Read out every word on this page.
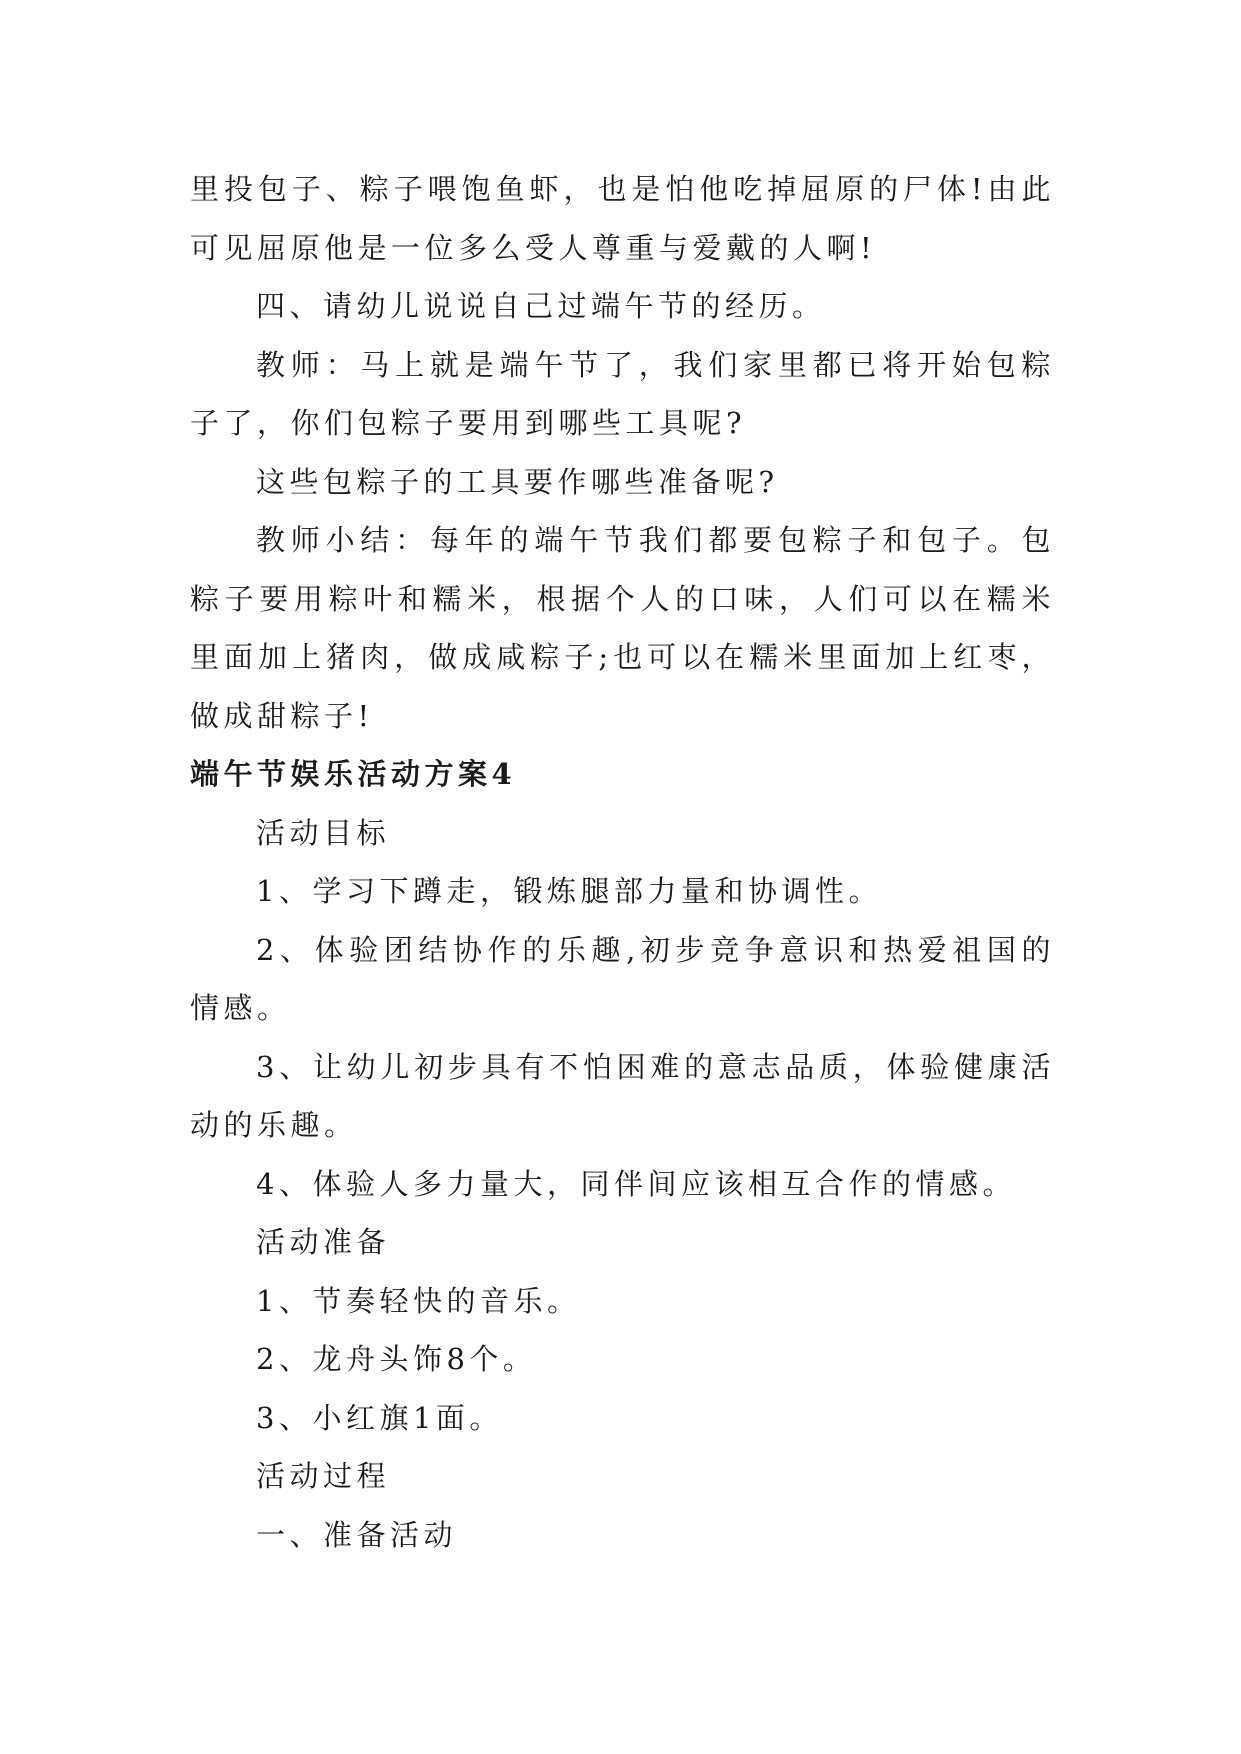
里投包子、粽子喂饱鱼虾，也是怕他吃掉屈原的尸体!由此可见屈原他是一位多么受人尊重与爱戴的人啊!

四、请幼儿说说自己过端午节的经历。

教师：马上就是端午节了，我们家里都已将开始包粽子了，你们包粽子要用到哪些工具呢?

这些包粽子的工具要作哪些准备呢?

教师小结：每年的端午节我们都要包粽子和包子。包粽子要用粽叶和糯米，根据个人的口味，人们可以在糯米里面加上猪肉，做成咸粽子;也可以在糯米里面加上红枣，做成甜粽子!

端午节娱乐活动方案4

活动目标

1、学习下蹲走，锻炼腿部力量和协调性。

2、体验团结协作的乐趣,初步竞争意识和热爱祖国的情感。

3、让幼儿初步具有不怕困难的意志品质，体验健康活动的乐趣。

4、体验人多力量大，同伴间应该相互合作的情感。

活动准备

1、节奏轻快的音乐。

2、龙舟头饰8个。

3、小红旗1面。

活动过程

一、准备活动
